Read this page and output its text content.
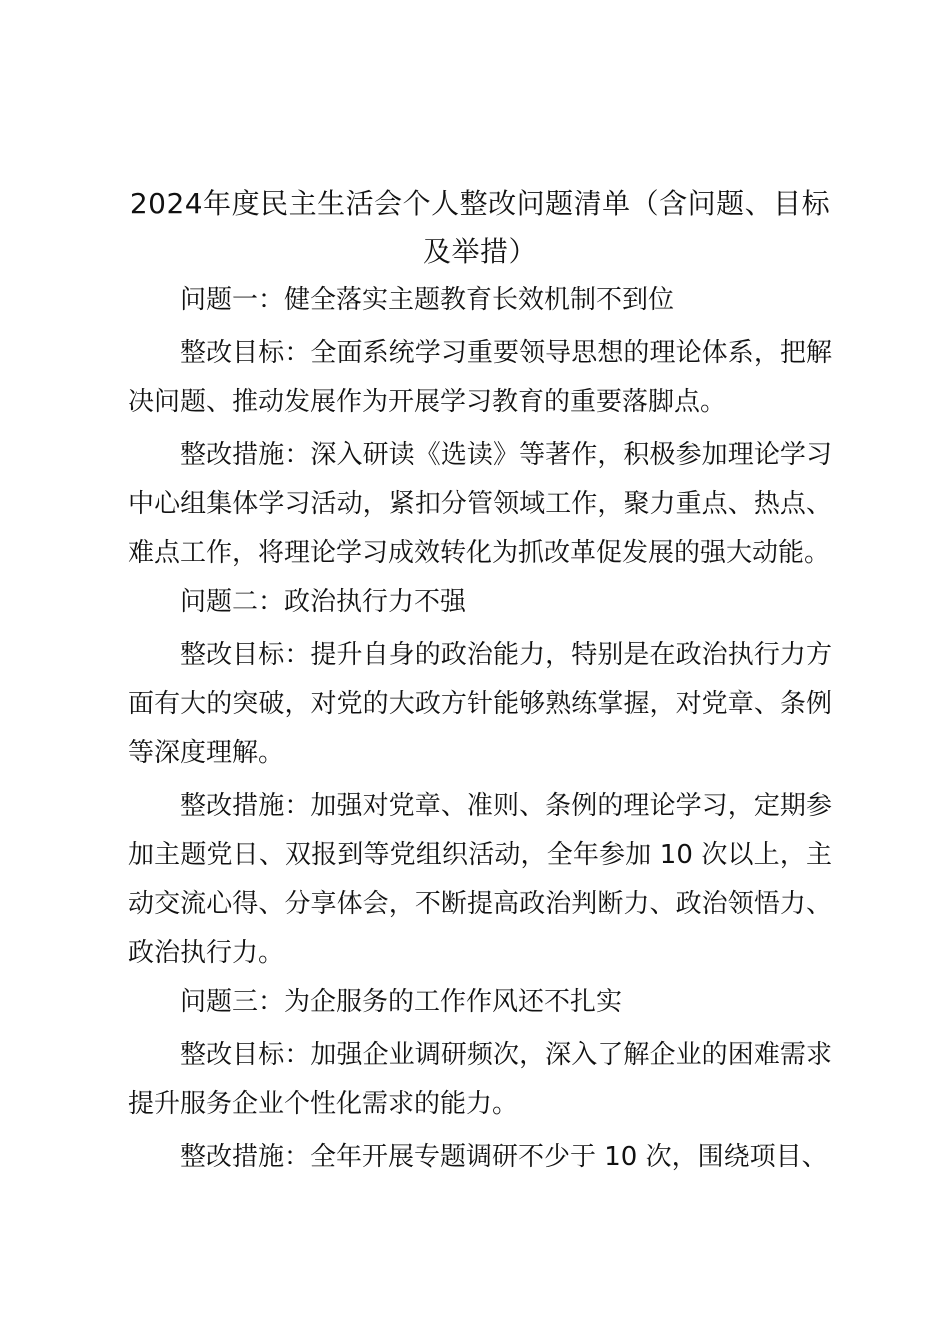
2024年度民主生活会个人整改问题清单（含问题、目标及举措）

问题一：健全落实主题教育长效机制不到位

整改目标：全面系统学习重要领导思想的理论体系，把解决问题、推动发展作为开展学习教育的重要落脚点。

整改措施：深入研读《选读》等著作，积极参加理论学习中心组集体学习活动，紧扣分管领域工作，聚力重点、热点、难点工作，将理论学习成效转化为抓改革促发展的强大动能。

问题二：政治执行力不强

整改目标：提升自身的政治能力，特别是在政治执行力方面有大的突破，对党的大政方针能够熟练掌握，对党章、条例等深度理解。

整改措施：加强对党章、准则、条例的理论学习，定期参加主题党日、双报到等党组织活动，全年参加 10 次以上，主动交流心得、分享体会，不断提高政治判断力、政治领悟力、政治执行力。

问题三：为企服务的工作作风还不扎实

整改目标：加强企业调研频次，深入了解企业的困难需求提升服务企业个性化需求的能力。

整改措施：全年开展专题调研不少于 10 次，围绕项目、
